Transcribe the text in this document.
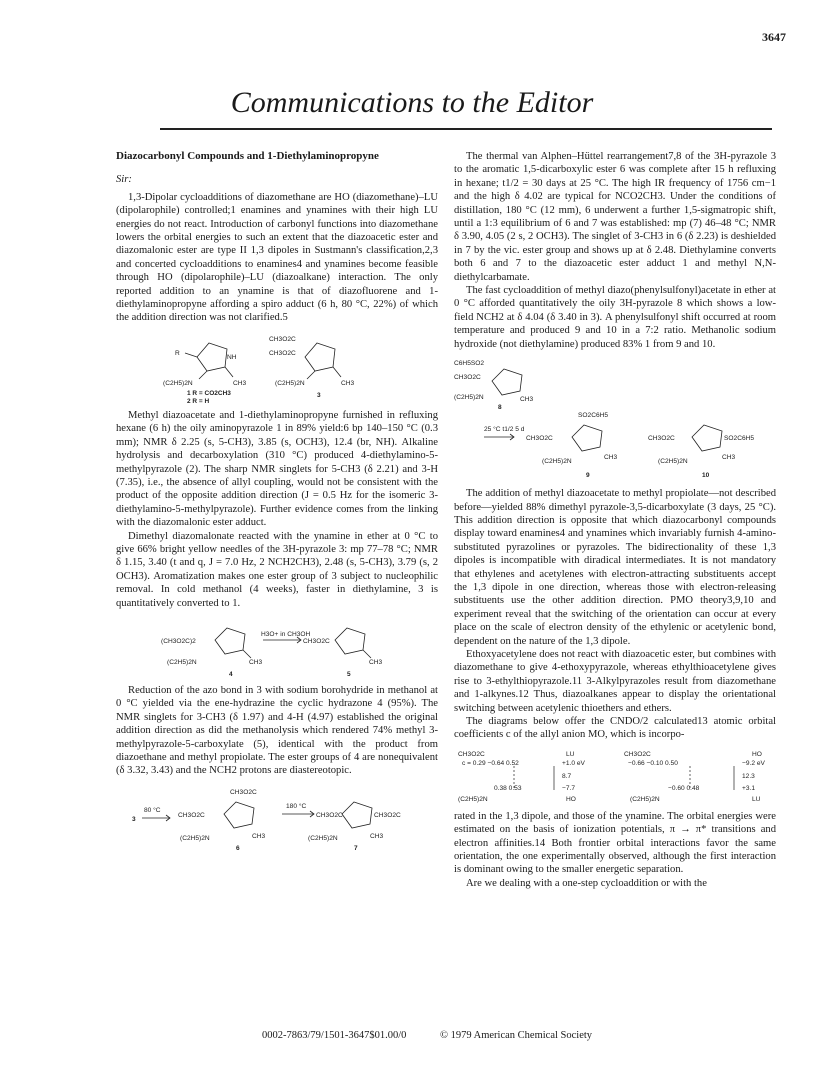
3647
Communications to the Editor
Diazocarbonyl Compounds and 1-Diethylaminopropyne
Sir:

1,3-Dipolar cycloadditions of diazomethane are HO (diazomethane)–LU (dipolarophile) controlled;1 enamines and ynamines with their high LU energies do not react. Introduction of carbonyl functions into diazomethane lowers the orbital energies to such an extent that the diazoacetic ester and diazomalonic ester are type II 1,3 dipoles in Sustmann's classification,2,3 and concerted cycloadditions to enamines4 and ynamines become feasible through HO (dipolarophile)–LU (diazoalkane) interaction. The only reported addition to an ynamine is that of diazofluorene and 1-diethylaminopropyne affording a spiro adduct (6 h, 80 °C, 22%) of which the addition direction was not clarified.5

R
NH
CH3
(C2H5)2N
CH3O2C
CH3O2C
CH3
(C2H5)2N
1 R = CO2CH3
2 R = H
3

Methyl diazoacetate and 1-diethylaminopropyne furnished in refluxing hexane (6 h) the oily aminopyrazole 1 in 89% yield:6 bp 140–150 °C (0.3 mm); NMR δ 2.25 (s, 5-CH3), 3.85 (s, OCH3), 12.4 (br, NH). Alkaline hydrolysis and decarboxylation (310 °C) produced 4-diethylamino-5-methylpyrazole (2). The sharp NMR singlets for 5-CH3 (δ 2.21) and 3-H (7.35), i.e., the absence of allyl coupling, would not be consistent with the product of the opposite addition direction (J = 0.5 Hz for the isomeric 3-diethylamino-5-methylpyrazole). Further evidence comes from the linking with the diazomalonic ester adduct.

Dimethyl diazomalonate reacted with the ynamine in ether at 0 °C to give 66% bright yellow needles of the 3H-pyrazole 3: mp 77–78 °C; NMR δ 1.15, 3.40 (t and q, J = 7.0 Hz, 2 NCH2CH3), 2.48 (s, 5-CH3), 3.79 (s, 2 OCH3). Aromatization makes one ester group of 3 subject to nucleophilic removal. In cold methanol (4 weeks), faster in diethylamine, 3 is quantitatively converted to 1.

(CH3O2C)2
(C2H5)2N	CH3
H3O+ in CH3OH
CH3O2C
CH3
4	5

Reduction of the azo bond in 3 with sodium borohydride in methanol at 0 °C yielded via the ene-hydrazine the cyclic hydrazone 4 (95%). The NMR singlets for 3-CH3 (δ 1.97) and 4-H (4.97) established the original addition direction as did the methanolysis which rendered 74% methyl 3-methylpyrazole-5-carboxylate (5), identical with the product from diazoethane and methyl propiolate. The ester groups of 4 are nonequivalent (δ 3.32, 3.43) and the NCH2 protons are diastereotopic.

3
80 °C
CH3O2C
CH3O2C
(C2H5)2N	CH3
180 °C
CH3O2C	CH3O2C
(C2H5)2N	CH3
6	7

The thermal van Alphen–Hüttel rearrangement7,8 of the 3H-pyrazole 3 to the aromatic 1,5-dicarboxylic ester 6 was complete after 15 h refluxing in hexane; t1/2 = 30 days at 25 °C. The high IR frequency of 1756 cm−1 and the high δ 4.02 are typical for NCO2CH3. Under the conditions of distillation, 180 °C (12 mm), 6 underwent a further 1,5-sigmatropic shift, until a 1:3 equilibrium of 6 and 7 was established: mp (7) 46–48 °C; NMR δ 3.90, 4.05 (2 s, 2 OCH3). The singlet of 3-CH3 in 6 (δ 2.23) is deshielded in 7 by the vic. ester group and shows up at δ 2.48. Diethylamine converts both 6 and 7 to the diazoacetic ester adduct 1 and methyl N,N-diethylcarbamate.

The fast cycloaddition of methyl diazo(phenylsulfonyl)acetate in ether at 0 °C afforded quantitatively the oily 3H-pyrazole 8 which shows a low-field NCH2 at δ 4.04 (δ 3.40 in 3). A phenylsulfonyl shift occurred at room temperature and produced 9 and 10 in a 7:2 ratio. Methanolic sodium hydroxide (not diethylamine) produced 83% 1 from 9 and 10.

C6H5SO2
CH3O2C
(C2H5)2N	CH3
8
SO2C6H5
25 °C t1/2 5 d
CH3O2C
(C2H5)2N
CH3
CH3O2C	SO2C6H5
(C2H5)2N
CH3
9	10

The addition of methyl diazoacetate to methyl propiolate—not described before—yielded 88% dimethyl pyrazole-3,5-dicarboxylate (3 days, 25 °C). This addition direction is opposite that which diazocarbonyl compounds display toward enamines4 and ynamines which invariably furnish 4-amino-substituted pyrazolines or pyrazoles. The bidirectionality of these 1,3 dipoles is incompatible with diradical intermediates. It is not mandatory that ethylenes and acetylenes with electron-attracting substituents accept the 1,3 dipole in one direction, whereas those with electron-releasing substituents use the other addition direction. PMO theory3,9,10 and experiment reveal that the switching of the orientation can occur at every place on the scale of electron density of the ethylenic or acetylenic bond, dependent on the nature of the 1,3 dipole.

Ethoxyacetylene does not react with diazoacetic ester, but combines with diazomethane to give 4-ethoxypyrazole, whereas ethylthioacetylene gives rise to 3-ethylthiopyrazole.11 3-Alkylpyrazoles result from diazomethane and 1-alkynes.12 Thus, diazoalkanes appear to display the orientational switching between acetylenic thioethers and ethers.

The diagrams below offer the CNDO/2 calculated13 atomic orbital coefficients c of the allyl anion MO, which is incorpo-

CH3O2C	LU
c = 0.29 −0.64 0.52	+1.0 eV
8.7
−7.7
0.38 0.53
(C2H5)2N	HO
CH3O2C	HO
−0.66 −0.10 0.50	−9.2 eV
12.3
+3.1
−0.60 0.48
(C2H5)2N	LU

rated in the 1,3 dipole, and those of the ynamine. The orbital energies were estimated on the basis of ionization potentials, π → π* transitions and electron affinities.14 Both frontier orbital interactions favor the same orientation, the one experimentally observed, although the first interaction is dominant owing to the smaller energetic separation.

Are we dealing with a one-step cycloaddition or with the

0002-7863/79/1501-3647$01.00/0	© 1979 American Chemical Society
